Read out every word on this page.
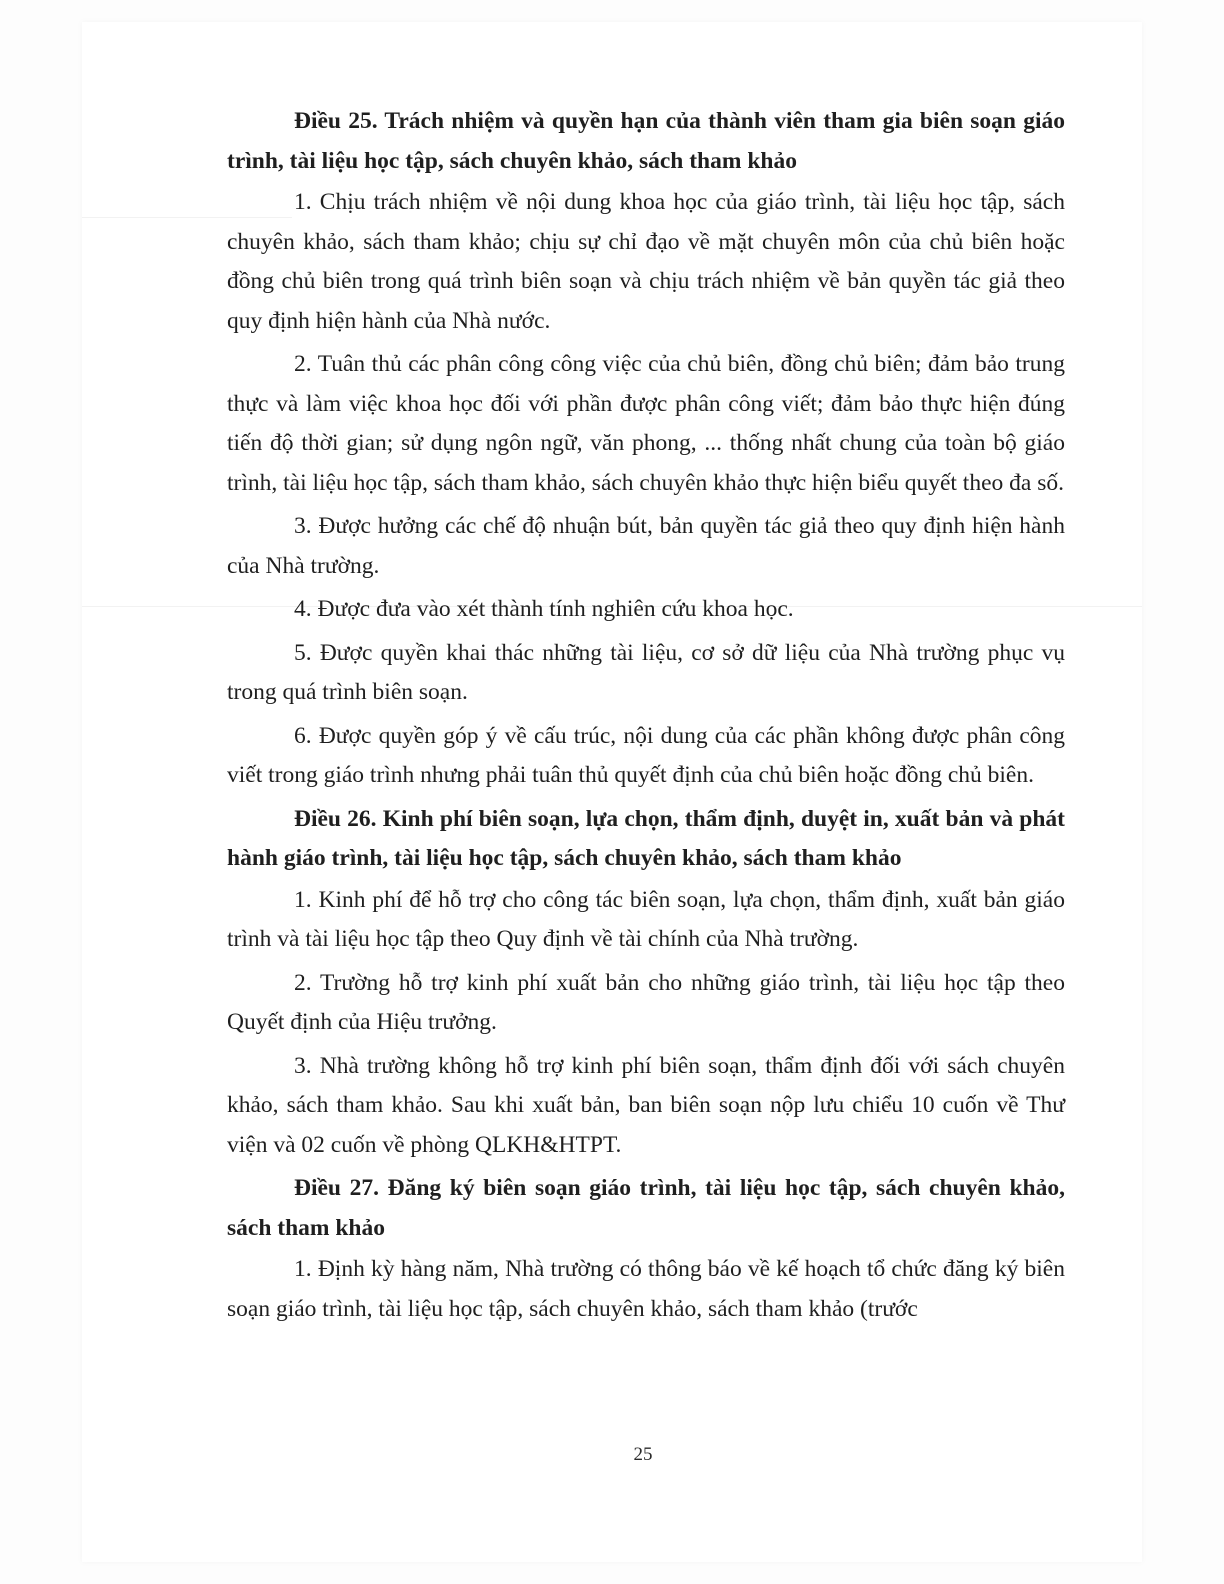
Điều 25. Trách nhiệm và quyền hạn của thành viên tham gia biên soạn giáo trình, tài liệu học tập, sách chuyên khảo, sách tham khảo

1. Chịu trách nhiệm về nội dung khoa học của giáo trình, tài liệu học tập, sách chuyên khảo, sách tham khảo; chịu sự chỉ đạo về mặt chuyên môn của chủ biên hoặc đồng chủ biên trong quá trình biên soạn và chịu trách nhiệm về bản quyền tác giả theo quy định hiện hành của Nhà nước.

2. Tuân thủ các phân công công việc của chủ biên, đồng chủ biên; đảm bảo trung thực và làm việc khoa học đối với phần được phân công viết; đảm bảo thực hiện đúng tiến độ thời gian; sử dụng ngôn ngữ, văn phong, ... thống nhất chung của toàn bộ giáo trình, tài liệu học tập, sách tham khảo, sách chuyên khảo thực hiện biểu quyết theo đa số.

3. Được hưởng các chế độ nhuận bút, bản quyền tác giả theo quy định hiện hành của Nhà trường.

4. Được đưa vào xét thành tính nghiên cứu khoa học.

5. Được quyền khai thác những tài liệu, cơ sở dữ liệu của Nhà trường phục vụ trong quá trình biên soạn.

6. Được quyền góp ý về cấu trúc, nội dung của các phần không được phân công viết trong giáo trình nhưng phải tuân thủ quyết định của chủ biên hoặc đồng chủ biên.

Điều 26. Kinh phí biên soạn, lựa chọn, thẩm định, duyệt in, xuất bản và phát hành giáo trình, tài liệu học tập, sách chuyên khảo, sách tham khảo

1. Kinh phí để hỗ trợ cho công tác biên soạn, lựa chọn, thẩm định, xuất bản giáo trình và tài liệu học tập theo Quy định về tài chính của Nhà trường.

2. Trường hỗ trợ kinh phí xuất bản cho những giáo trình, tài liệu học tập theo Quyết định của Hiệu trưởng.

3. Nhà trường không hỗ trợ kinh phí biên soạn, thẩm định đối với sách chuyên khảo, sách tham khảo. Sau khi xuất bản, ban biên soạn nộp lưu chiểu 10 cuốn về Thư viện và 02 cuốn về phòng QLKH&HTPT.

Điều 27. Đăng ký biên soạn giáo trình, tài liệu học tập, sách chuyên khảo, sách tham khảo

1. Định kỳ hàng năm, Nhà trường có thông báo về kế hoạch tổ chức đăng ký biên soạn giáo trình, tài liệu học tập, sách chuyên khảo, sách tham khảo (trước

25
